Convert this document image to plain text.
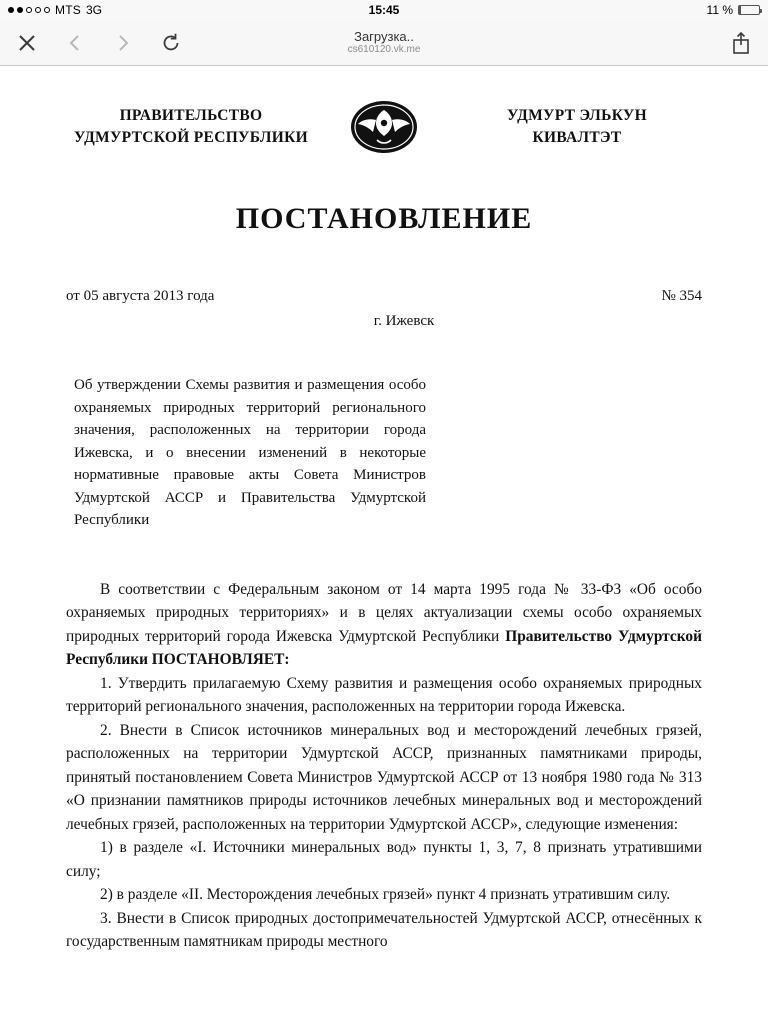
MTS 3G	15:45	11 %
Загрузка..
cs610120.vk.me
ПРАВИТЕЛЬСТВО
УДМУРТСКОЙ РЕСПУБЛИКИ
УДМУРТ ЭЛЬКУН
КИВАЛТЭТ
ПОСТАНОВЛЕНИЕ
от 05 августа 2013 года	№ 354
г. Ижевск
Об утверждении Схемы развития и размещения особо охраняемых природных территорий регионального значения, расположенных на территории города Ижевска, и о внесении изменений в некоторые нормативные правовые акты Совета Министров Удмуртской АССР и Правительства Удмуртской Республики

В соответствии с Федеральным законом от 14 марта 1995 года № 33-ФЗ «Об особо охраняемых природных территориях» и в целях актуализации схемы особо охраняемых природных территорий города Ижевска Удмуртской Республики Правительство Удмуртской Республики ПОСТАНОВЛЯЕТ:

1. Утвердить прилагаемую Схему развития и размещения особо охраняемых природных территорий регионального значения, расположенных на территории города Ижевска.

2. Внести в Список источников минеральных вод и месторождений лечебных грязей, расположенных на территории Удмуртской АССР, признанных памятниками природы, принятый постановлением Совета Министров Удмуртской АССР от 13 ноября 1980 года № 313 «О признании памятников природы источников лечебных минеральных вод и месторождений лечебных грязей, расположенных на территории Удмуртской АССР», следующие изменения:

1) в разделе «I. Источники минеральных вод» пункты 1, 3, 7, 8 признать утратившими силу;

2) в разделе «II. Месторождения лечебных грязей» пункт 4 признать утратившим силу.

3. Внести в Список природных достопримечательностей Удмуртской АССР, отнесённых к государственным памятникам природы местного
